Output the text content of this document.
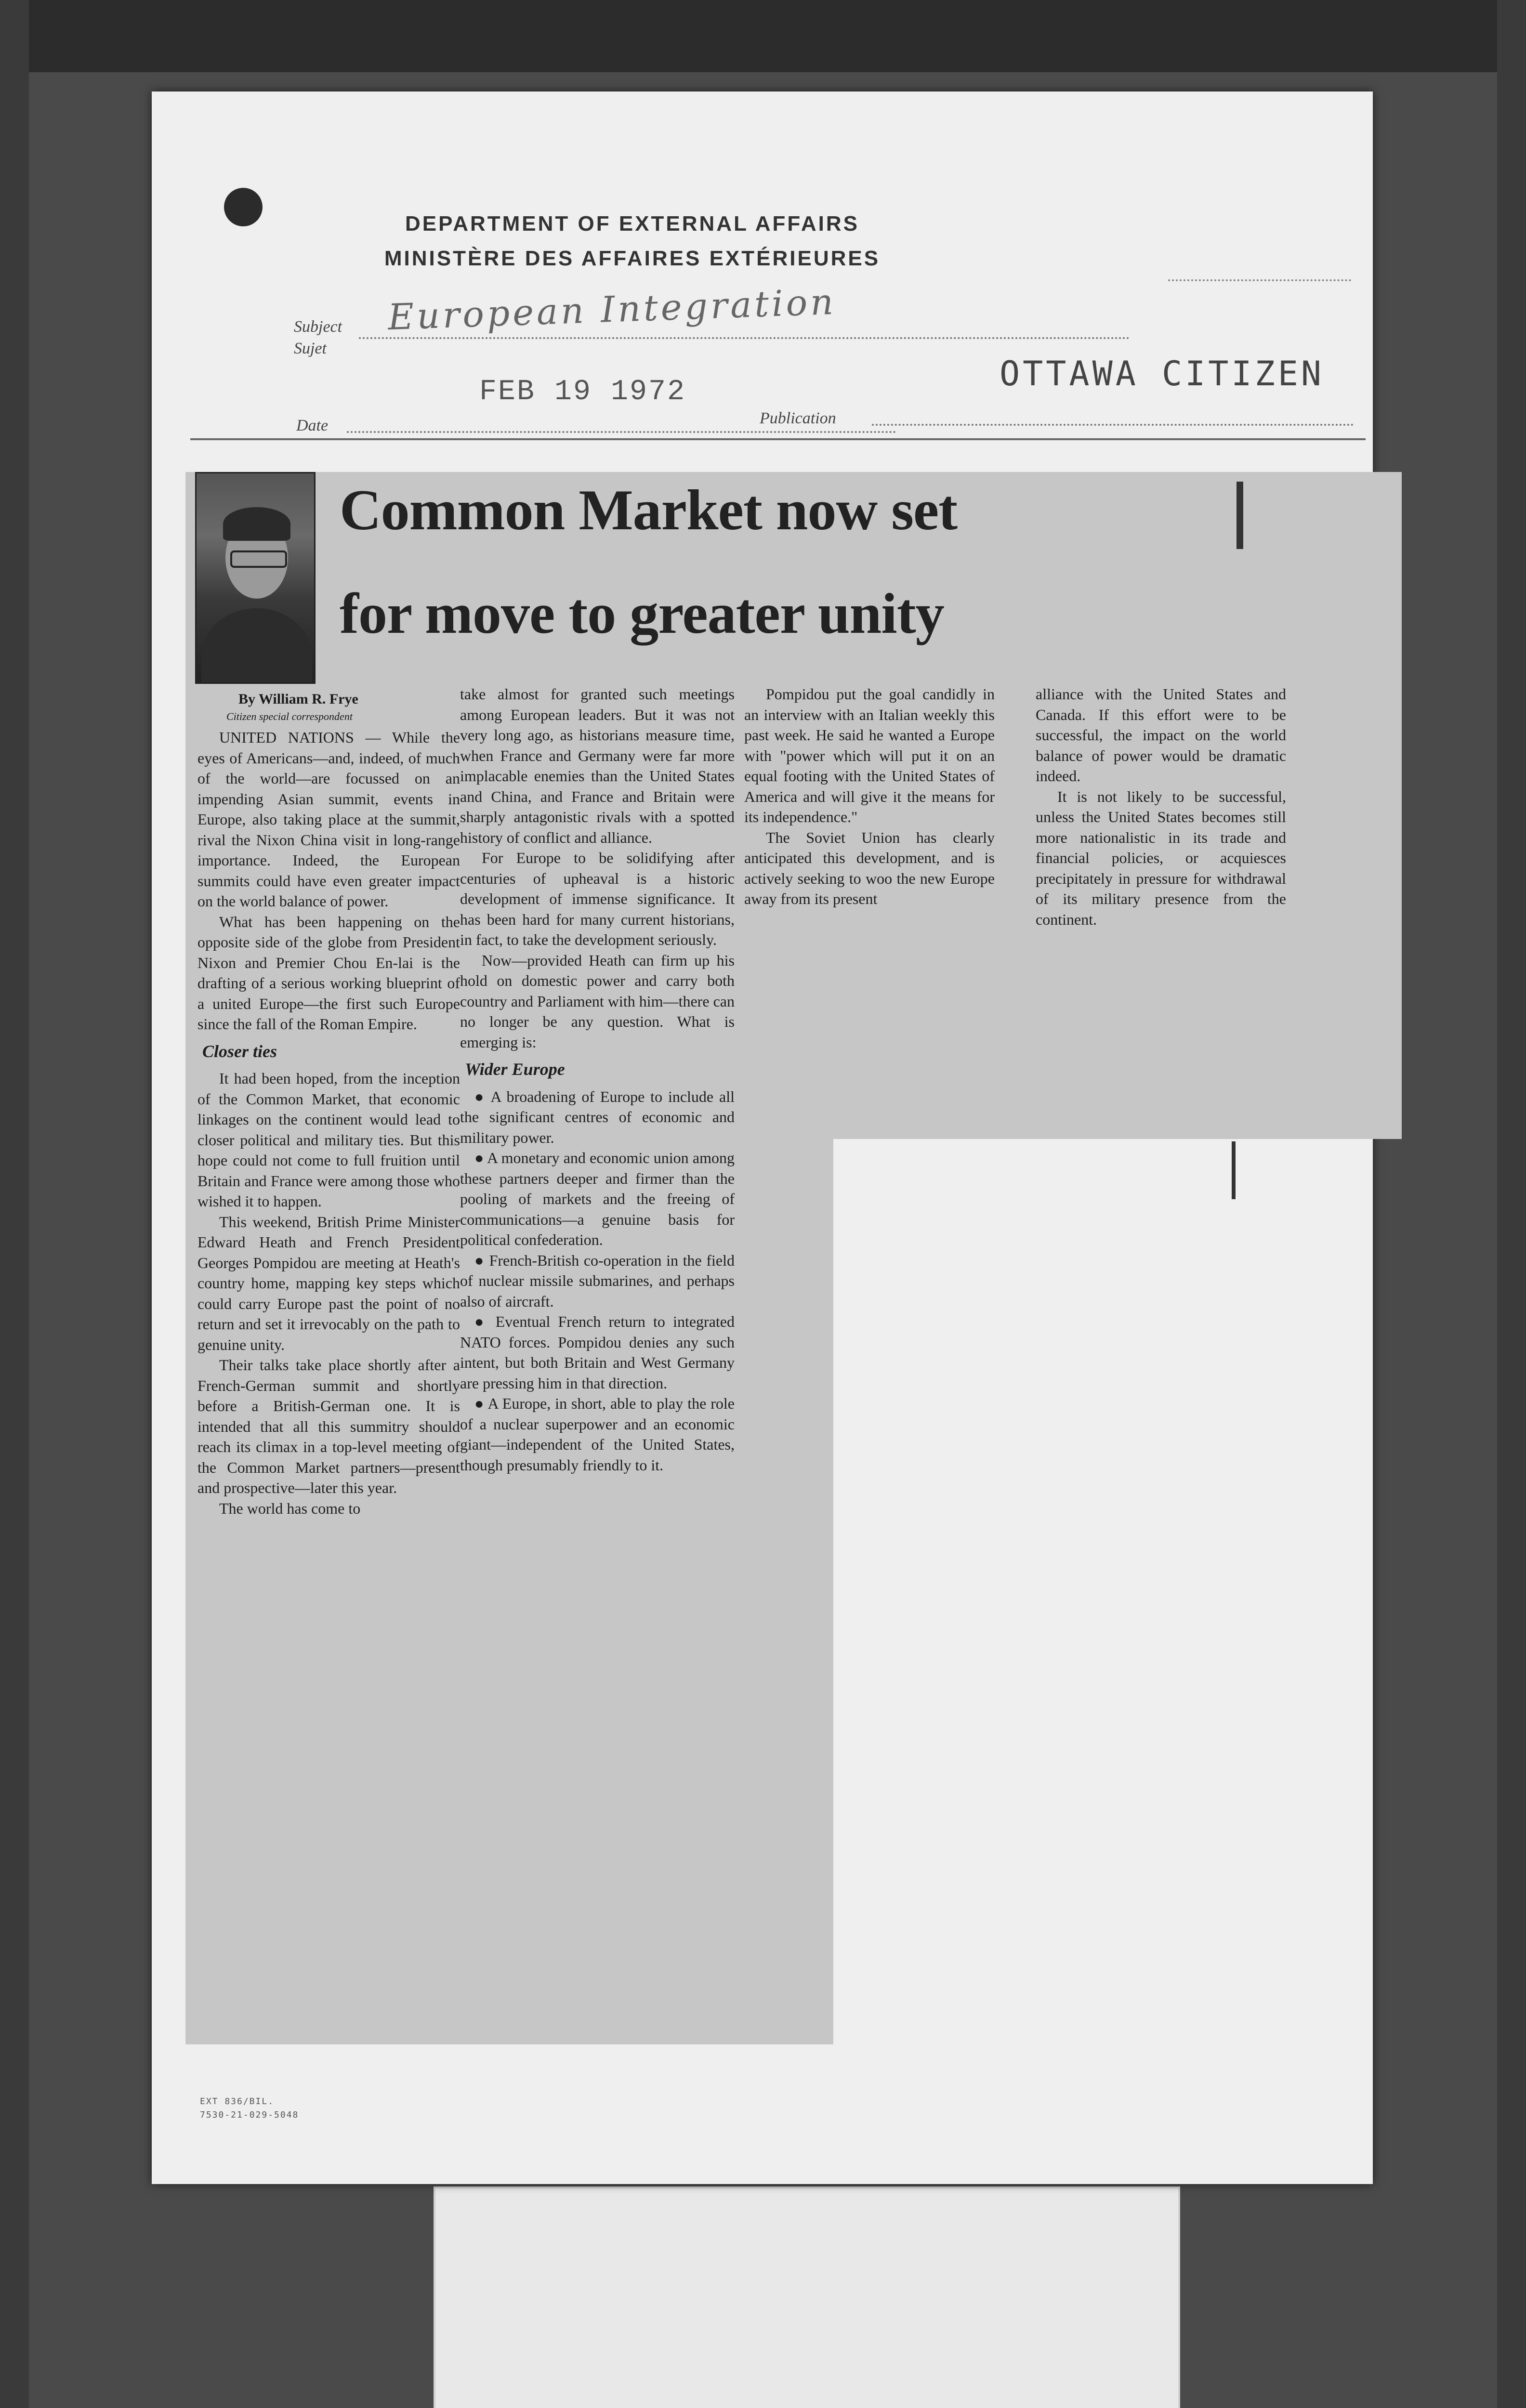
DEPARTMENT OF EXTERNAL AFFAIRS
MINISTÈRE DES AFFAIRES EXTÉRIEURES
Subject
Sujet
European Integration
FEB 19 1972	OTTAWA CITIZEN
Date	Publication
Common Market now set
for move to greater unity
By William R. Frye
Citizen special correspondent

UNITED NATIONS — While the eyes of Americans—and, indeed, of much of the world—are focussed on an impending Asian summit, events in Europe, also taking place at the summit, rival the Nixon China visit in long-range importance. Indeed, the European summits could have even greater impact on the world balance of power.

What has been happening on the opposite side of the globe from President Nixon and Premier Chou En-lai is the drafting of a serious working blueprint of a united Europe—the first such Europe since the fall of the Roman Empire.

Closer ties

It had been hoped, from the inception of the Common Market, that economic linkages on the continent would lead to closer political and military ties. But this hope could not come to full fruition until Britain and France were among those who wished it to happen.

This weekend, British Prime Minister Edward Heath and French President Georges Pompidou are meeting at Heath's country home, mapping key steps which could carry Europe past the point of no return and set it irrevocably on the path to genuine unity.

Their talks take place shortly after a French-German summit and shortly before a British-German one. It is intended that all this summitry should reach its climax in a top-level meeting of the Common Market partners—present and prospective—later this year.

The world has come to

take almost for granted such meetings among European leaders. But it was not very long ago, as historians measure time, when France and Germany were far more implacable enemies than the United States and China, and France and Britain were sharply antagonistic rivals with a spotted history of conflict and alliance.

For Europe to be solidifying after centuries of upheaval is a historic development of immense significance. It has been hard for many current historians, in fact, to take the development seriously.

Now—provided Heath can firm up his hold on domestic power and carry both country and Parliament with him—there can no longer be any question. What is emerging is:

Wider Europe

● A broadening of Europe to include all the significant centres of economic and military power.

● A monetary and economic union among these partners deeper and firmer than the pooling of markets and the freeing of communications—a genuine basis for political confederation.

● French-British co-operation in the field of nuclear missile submarines, and perhaps also of aircraft.

● Eventual French return to integrated NATO forces. Pompidou denies any such intent, but both Britain and West Germany are pressing him in that direction.

● A Europe, in short, able to play the role of a nuclear superpower and an economic giant—independent of the United States, though presumably friendly to it.

Pompidou put the goal candidly in an interview with an Italian weekly this past week. He said he wanted a Europe with "power which will put it on an equal footing with the United States of America and will give it the means for its independence."

The Soviet Union has clearly anticipated this development, and is actively seeking to woo the new Europe away from its present

alliance with the United States and Canada. If this effort were to be successful, the impact on the world balance of power would be dramatic indeed.

It is not likely to be successful, unless the United States becomes still more nationalistic in its trade and financial policies, or acquiesces precipitately in pressure for withdrawal of its military presence from the continent.

EXT 836/BIL.
7530-21-029-5048
